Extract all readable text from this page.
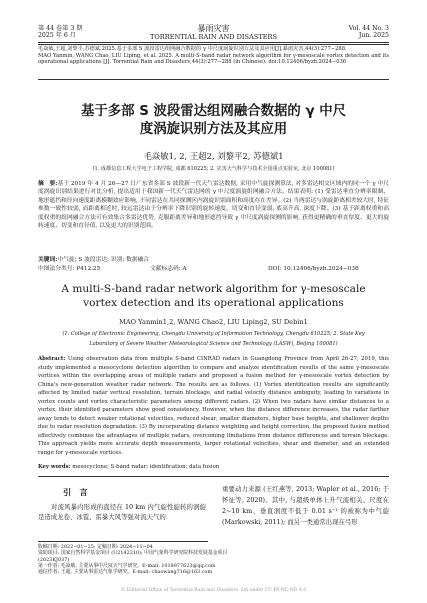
第 44 卷第 3 期
2025 年 6 月
暴雨灾害
TORRENTIAL RAIN AND DISASTERS
Vol. 44 No. 3
Jun. 2025
毛焱敏,王超,刘黎平,苏德斌.2025.基于多部 S 波段雷达组网融合数据的 γ 中尺度涡旋识别方法及其应用[J].暴雨灾害,44(3):277−288.
MAO Yanmin, WANG Chao, LIU Liping, et al. 2025. A multi-S-band radar network algorithm for γ-mesoscale vortex detection and its operational applications [J]. Torrential Rain and Disasters,44(3):277−288 (in Chinese). doi:10.12406/byzh.2024−036
基于多部 S 波段雷达组网融合数据的 γ 中尺度涡旋识别方法及其应用
毛焱敏1, 2, 王超2, 刘黎平2, 苏德斌1
(1. 成都信息工程大学电子工程学院, 成都 610225; 2. 灾害天气科学与技术全国重点实验室, 北京 100081)
摘　要:基于 2019 年 4 月 26—27 日广东省多部 S 波段新一代天气雷达数据, 采用中气旋探测算法, 对多雷达相交区域内的同一个 γ 中尺度涡旋识别结果进行对比分析, 提出适用于我国新一代天气雷达网的 γ 中尺度涡旋组网融合方法。结果表明: (1) 受雷达垂直分辨率限制、地形遮挡和径向速度距离模糊效应影响, 不同雷达在共同探测区内涡旋识别面积和高度存在差异。(2) 当两雷达与涡旋距离相差较大时, 特征参数一致性较弱, 而距离相近时, 较远雷达由于分辨率下降识别的旋转速度、切变和直径变弱, 底高升高, 深度下降。(3) 基于距离权重和高度权重的组网融合方法可有效集合多雷达优势, 克服距离差异和地形遮挡导致 γ 中尺度涡旋探测的影响, 获得更精确的垂直厚度、更大的旋转速度、切变和直径值, 以及更大的识别范围。
关键词:中气旋; S 波段雷达; 识别; 数据融合
中图法分类号: P412.25	文献标志码: A	DOI: 10.12406/byzh.2024−036
A multi-S-band radar network algorithm for γ-mesoscale vortex detection and its operational applications
MAO Yanmin1,2, WANG Chao2, LIU Liping2, SU Debin1
(1. College of Electronic Engineering, Chengdu University of Information Technology, Chengdu 610225; 2. State Key
Laboratory of Severe Weather Meteorological Science and Technology (LASW), Beijing 100081)
Abstract: Using observation data from multiple S-band CINRAD radars in Guangdong Province from April 26-27, 2019, this study implemented a mesocyclone detection algorithm to compare and analyze identification results of the same γ-mesoscale vortices within the overlapping areas of multiple radars and proposed a fusion method for γ-mesoscale vortex detection by China's new-generation weather radar network. The results are as follows. (1) Vortex identification results are significantly affected by limited radar vertical resolution, terrain blockage, and radial velocity distance ambiguity, leading to variations in vortex counts and vortex characteristic parameters among different radars. (2) When two radars have similar distances to a vortex, their identified parameters show good consistency. However, when the distance difference increases, the radar farther away tends to detect weaker rotational velocities, reduced shear, smaller diameters, higher base heights, and shallower depths due to radar resolution degradation. (3) By incorporating distance weighting and height correction, the proposed fusion method effectively combines the advantages of multiple radars, overcoming limitations from distance differences and terrain blockage. This approach yields more accurate depth measurements, larger rotational velocities, shear and diameter, and an extended range for γ-mesoscale vortices.
Key words: mesocyclone; S-band radar; identification; data fusion
引　言
　　对流风暴内形成的直径在 10 km 内气旋性旋转的涡旋是造成龙卷、冰雹、雷暴大风等强对流天气的
重要动力来源 (王红燕等, 2013; Wapler et al., 2016; 于怀征等, 2020)。其中, 与超级单体上升气流相关、尺度在 2~10 km、垂直涡度不低于 0.01 s⁻¹ 的被称为中气旋 (Markowski, 2011); 而另一类通常出现在弓形
收稿日期: 2022−01−25; 定稿日期: 2024−11−04
资助项目: 国家自然科学基金项目 (U2142210); 中国气象科学研究院科技发展基金项目 (2023KJ037)
第一作者: 毛焱敏, 主要从事中尺度天气学研究。E-mail: 1018977623@qq.com
通信作者: 王超, 主要从事雷达气象学研究。E-mail: chaowang716@163.com
© Editorial Office of Torrential Rain and Disasters. OA under CC BY-NC-ND 4.0
